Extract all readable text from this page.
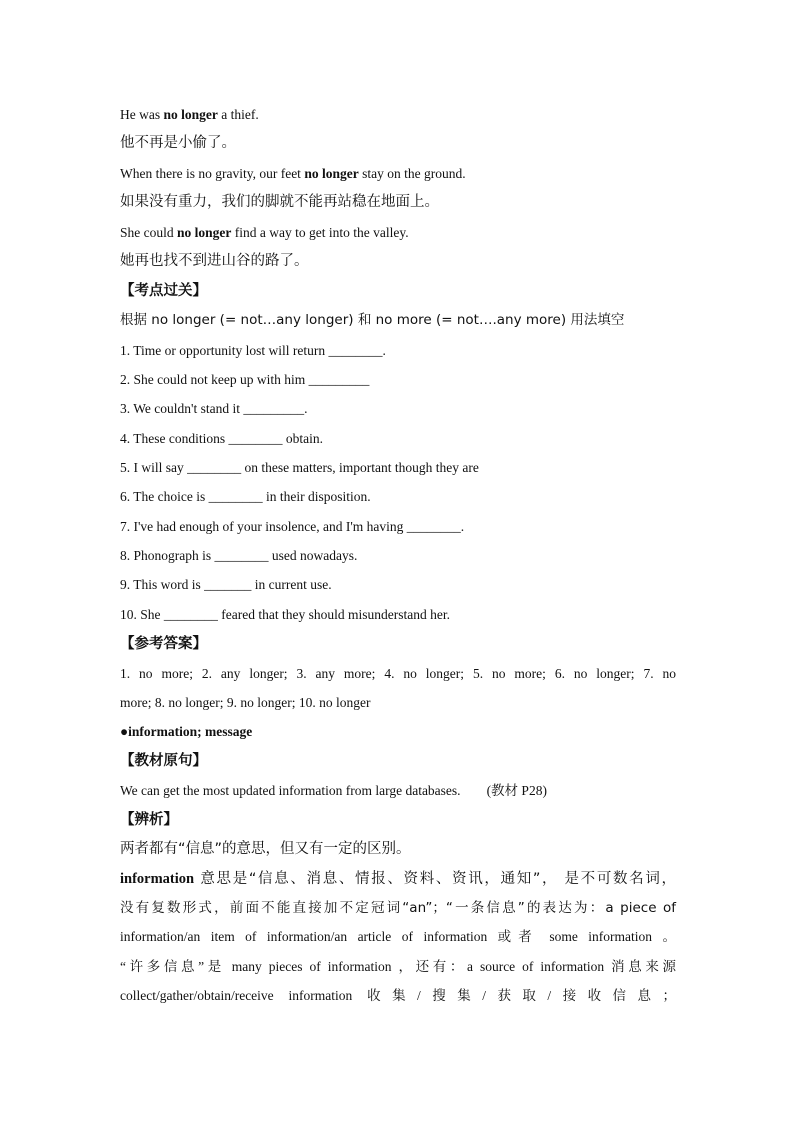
He was no longer a thief.
他不再是小偷了。
When there is no gravity, our feet no longer stay on the ground.
如果没有重力，我们的脚就不能再站稳在地面上。
She could no longer find a way to get into the valley.
她再也找不到进山谷的路了。
【考点过关】
根据 no longer (= not…any longer) 和 no more (= not….any more) 用法填空
1. Time or opportunity lost will return ________.
2. She could not keep up with him _________
3. We couldn't stand it _________.
4. These conditions ________ obtain.
5. I will say ________ on these matters, important though they are
6. The choice is ________ in their disposition.
7. I've had enough of your insolence, and I'm having ________.
8. Phonograph is ________ used nowadays.
9. This word is _______ in current use.
10. She ________ feared that they should misunderstand her.
【参考答案】
1. no more; 2. any longer; 3. any more; 4. no longer; 5. no more; 6. no longer; 7. no
more; 8. no longer; 9. no longer; 10. no longer
●information; message
【教材原句】
We can get the most updated information from large databases. (教材 P28)
【辨析】
两者都有“信息”的意思，但又有一定的区别。
information 意思是“信息、消息、情报、资料、资讯，通知”， 是不可数名词，
没有复数形式，前面不能直接加不定冠词“an”；“一条信息”的表达为：a piece of
information/an item of information/an article of information 或者 some information 。
“许多信息”是 many pieces of information ，还有：a source of information 消息来源
collect/gather/obtain/receive information 收集/搜集/获取/接收信息；
